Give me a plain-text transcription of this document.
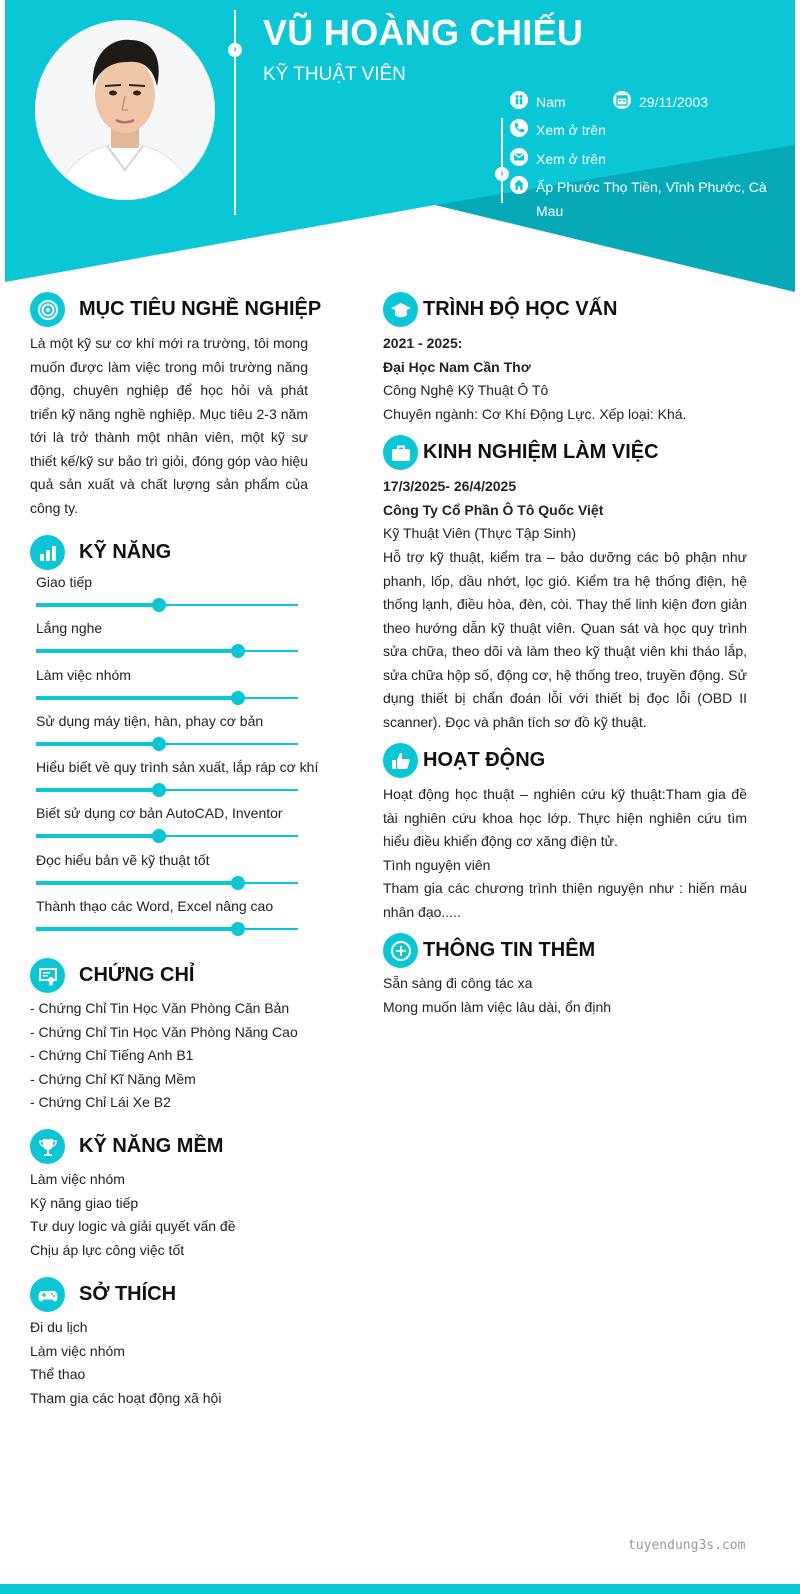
› VŨ HOÀNG CHIẾU
KỸ THUẬT VIÊN
›
Nam	29/11/2003
Xem ở trên
Xem ở trên
Ấp Phước Thọ Tiền, Vĩnh Phước, Cà Mau
MỤC TIÊU NGHỀ NGHIỆP
Là một kỹ sư cơ khí mới ra trường, tôi mong muốn được làm việc trong môi trường năng động, chuyên nghiệp để học hỏi và phát triển kỹ năng nghề nghiệp. Mục tiêu 2-3 năm tới là trở thành một nhân viên, một kỹ sư thiết kế/kỹ sư bảo trì giỏi, đóng góp vào hiệu quả sản xuất và chất lượng sản phẩm của công ty.
KỸ NĂNG
Giao tiếp
Lắng nghe
Làm việc nhóm
Sử dụng máy tiện, hàn, phay cơ bản
Hiểu biết về quy trình sản xuất, lắp ráp cơ khí
Biết sử dụng cơ bản AutoCAD, Inventor
Đọc hiểu bản vẽ kỹ thuật tốt
Thành thạo các Word, Excel nâng cao
CHỨNG CHỈ
- Chứng Chỉ Tin Học Văn Phòng Căn Bản
- Chứng Chỉ Tin Học Văn Phòng Năng Cao
- Chứng Chỉ Tiếng Anh B1
- Chứng Chỉ Kĩ Năng Mềm
- Chứng Chỉ Lái Xe B2
KỸ NĂNG MỀM
Làm việc nhóm
Kỹ năng giao tiếp
Tư duy logic và giải quyết vấn đề
Chịu áp lực công việc tốt
SỞ THÍCH
Đi du lịch
Làm việc nhóm
Thể thao
Tham gia các hoạt động xã hội
TRÌNH ĐỘ HỌC VẤN
2021 - 2025:
Đại Học Nam Cần Thơ
Công Nghệ Kỹ Thuật Ô Tô
Chuyên ngành: Cơ Khí Động Lực. Xếp loại: Khá.
KINH NGHIỆM LÀM VIỆC
17/3/2025- 26/4/2025
Công Ty Cổ Phần Ô Tô Quốc Việt
Kỹ Thuật Viên (Thực Tập Sinh)
Hỗ trợ kỹ thuật, kiểm tra – bảo dưỡng các bộ phận như phanh, lốp, dầu nhớt, lọc gió. Kiểm tra hệ thống điện, hệ thống lạnh, điều hòa, đèn, còi. Thay thế linh kiện đơn giản theo hướng dẫn kỹ thuật viên. Quan sát và học quy trình sửa chữa, theo dõi và làm theo kỹ thuật viên khi tháo lắp, sửa chữa hộp số, động cơ, hệ thống treo, truyền động. Sử dụng thiết bị chẩn đoán lỗi với thiết bị đọc lỗi (OBD II scanner). Đọc và phân tích sơ đồ kỹ thuật.
HOẠT ĐỘNG
Hoạt động học thuật – nghiên cứu kỹ thuật:Tham gia đề tài nghiên cứu khoa học lớp. Thực hiện nghiên cứu tìm hiểu điều khiển động cơ xăng điện tử.
Tình nguyện viên
Tham gia các chương trình thiện nguyện như : hiến máu nhân đạo.....
THÔNG TIN THÊM
Sẵn sàng đi công tác xa
Mong muốn làm việc lâu dài, ổn định
tuyendung3s.com
